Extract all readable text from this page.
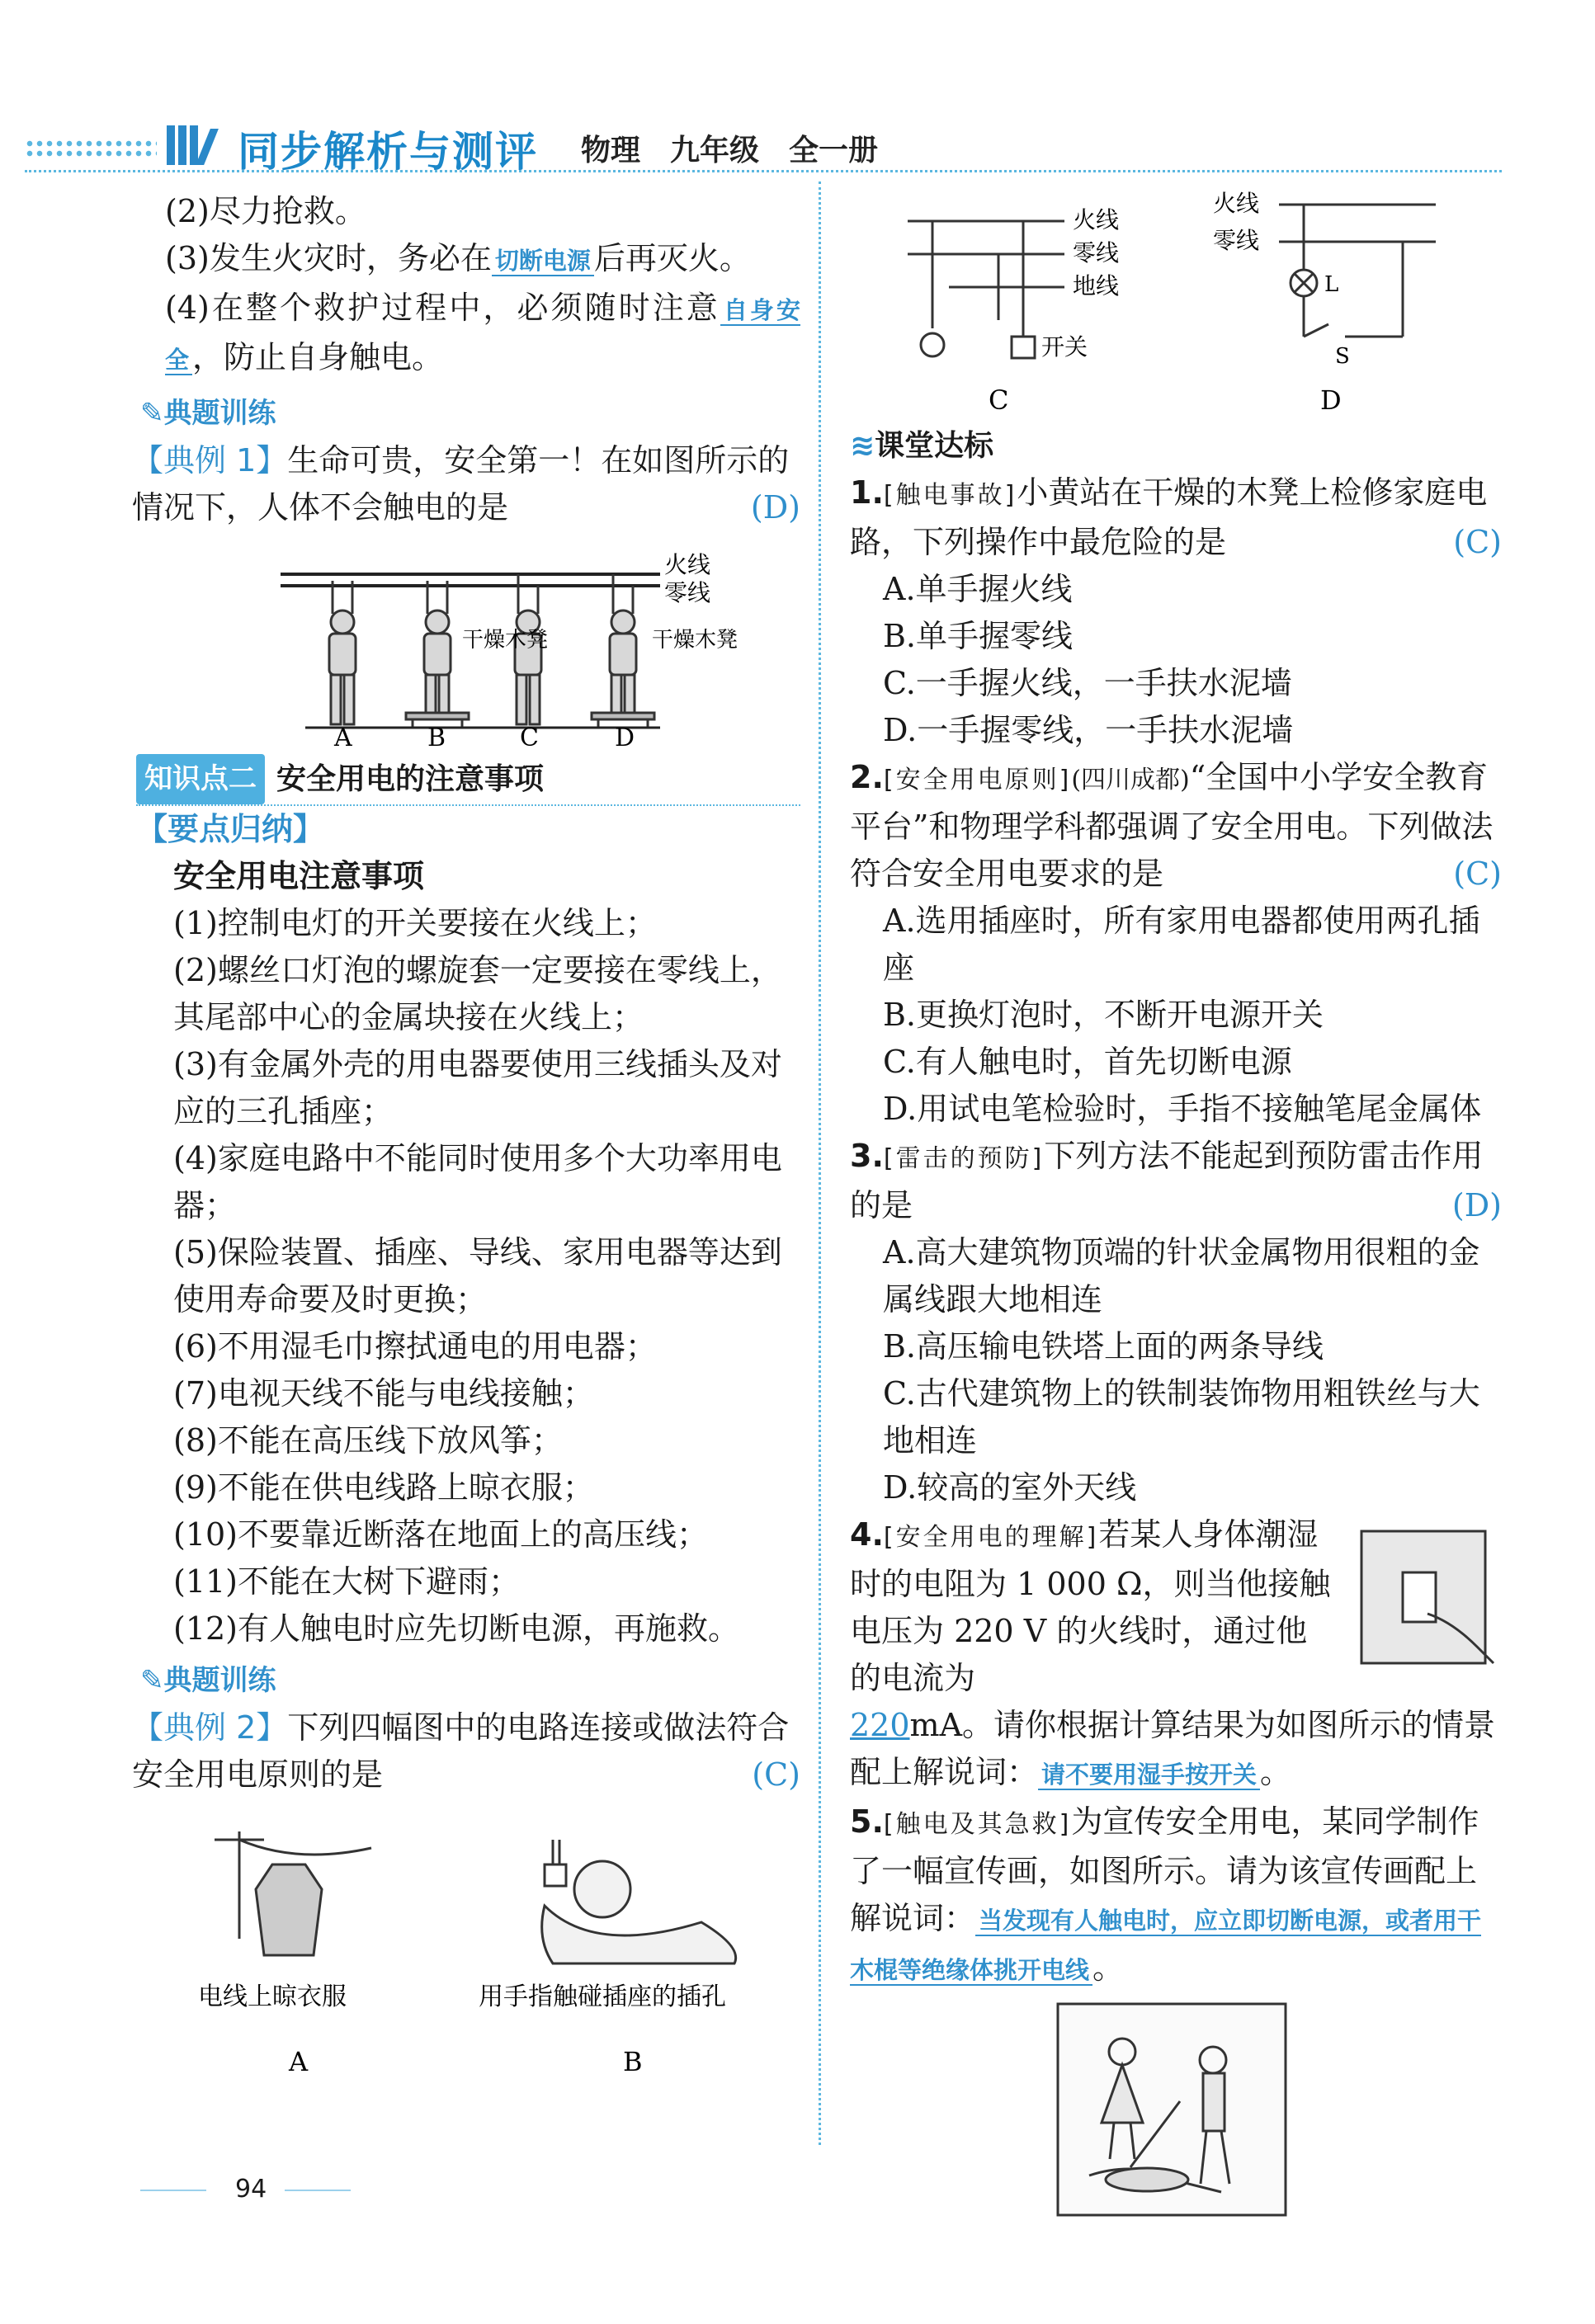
同步解析与测评 物理　九年级　全一册

(2)尽力抢救。

(3)发生火灾时，务必在 切断电源 后再灭火。

(4)在整个救护过程中，必须随时注意 自身安全 ，防止自身触电。

✎典题训练

【典例 1】生命可贵，安全第一！在如图所示的情况下，人体不会触电的是	(D)

火线
零线
干燥木凳	干燥木凳
A	B	C	D
知识点二 安全用电的注意事项

【要点归纳】

安全用电注意事项

(1)控制电灯的开关要接在火线上；

(2)螺丝口灯泡的螺旋套一定要接在零线上，其尾部中心的金属块接在火线上；

(3)有金属外壳的用电器要使用三线插头及对应的三孔插座；

(4)家庭电路中不能同时使用多个大功率用电器；

(5)保险装置、插座、导线、家用电器等达到使用寿命要及时更换；

(6)不用湿毛巾擦拭通电的用电器；

(7)电视天线不能与电线接触；

(8)不能在高压线下放风筝；

(9)不能在供电线路上晾衣服；

(10)不要靠近断落在地面上的高压线；

(11)不能在大树下避雨；

(12)有人触电时应先切断电源，再施救。

✎典题训练

【典例 2】下列四幅图中的电路连接或做法符合安全用电原则的是	(C)

电线上晾衣服
A
用手指触碰插座的插孔
B
火线
零线
地线
开关
C
火线
零线
L
S
D

≋课堂达标

1.[触电事故]小黄站在干燥的木凳上检修家庭电路，下列操作中最危险的是	(C)

A.单手握火线

B.单手握零线

C.一手握火线，一手扶水泥墙

D.一手握零线，一手扶水泥墙

2.[安全用电原则](四川成都)“全国中小学安全教育平台”和物理学科都强调了安全用电。下列做法符合安全用电要求的是	(C)

A.选用插座时，所有家用电器都使用两孔插座

B.更换灯泡时，不断开电源开关

C.有人触电时，首先切断电源

D.用试电笔检验时，手指不接触笔尾金属体

3.[雷击的预防]下列方法不能起到预防雷击作用的是	(D)

A.高大建筑物顶端的针状金属物用很粗的金属线跟大地相连

B.高压输电铁塔上面的两条导线

C.古代建筑物上的铁制装饰物用粗铁丝与大地相连

D.较高的室外天线

4.[安全用电的理解]若某人身体潮湿时的电阻为 1 000 Ω，则当他接触电压为 220 V 的火线时，通过他的电流为

220mA。请你根据计算结果为如图所示的情景配上解说词： 请不要用湿手按开关 。

5.[触电及其急救]为宣传安全用电，某同学制作了一幅宣传画，如图所示。请为该宣传画配上解说词： 当发现有人触电时，应立即切断电源，或者用干木棍等绝缘体挑开电线 。

94
